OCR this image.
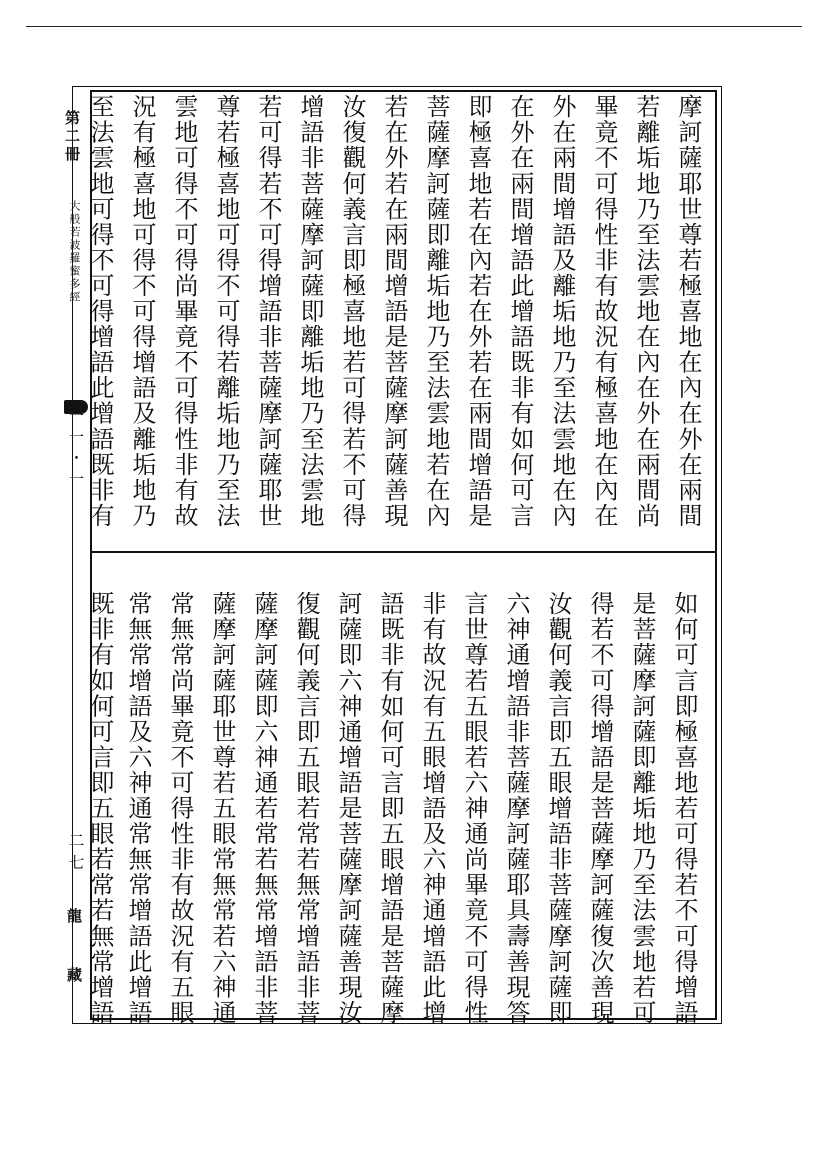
第二冊
大般若波羅蜜多經
一一・一
二七
龍藏
摩訶薩耶世尊若極喜地在內在外在兩間
若離垢地乃至法雲地在內在外在兩間尚
畢竟不可得性非有故況有極喜地在內在
外在兩間增語及離垢地乃至法雲地在內
在外在兩間增語此增語既非有如何可言
即極喜地若在內若在外若在兩間增語是
菩薩摩訶薩即離垢地乃至法雲地若在內
若在外若在兩間增語是菩薩摩訶薩善現
汝復觀何義言即極喜地若可得若不可得
增語非菩薩摩訶薩即離垢地乃至法雲地
若可得若不可得增語非菩薩摩訶薩耶世
尊若極喜地可得不可得若離垢地乃至法
雲地可得不可得尚畢竟不可得性非有故
況有極喜地可得不可得增語及離垢地乃
至法雲地可得不可得增語此增語既非有
如何可言即極喜地若可得若不可得增語
是菩薩摩訶薩即離垢地乃至法雲地若可
得若不可得增語是菩薩摩訶薩復次善現
汝觀何義言即五眼增語非菩薩摩訶薩即
六神通增語非菩薩摩訶薩耶具壽善現答
言世尊若五眼若六神通尚畢竟不可得性
非有故況有五眼增語及六神通增語此增
語既非有如何可言即五眼增語是菩薩摩
訶薩即六神通增語是菩薩摩訶薩善現汝
復觀何義言即五眼若常若無常增語非菩
薩摩訶薩即六神通若常若無常增語非菩
薩摩訶薩耶世尊若五眼常無常若六神通
常無常尚畢竟不可得性非有故況有五眼
常無常增語及六神通常無常增語此增語
既非有如何可言即五眼若常若無常增語
